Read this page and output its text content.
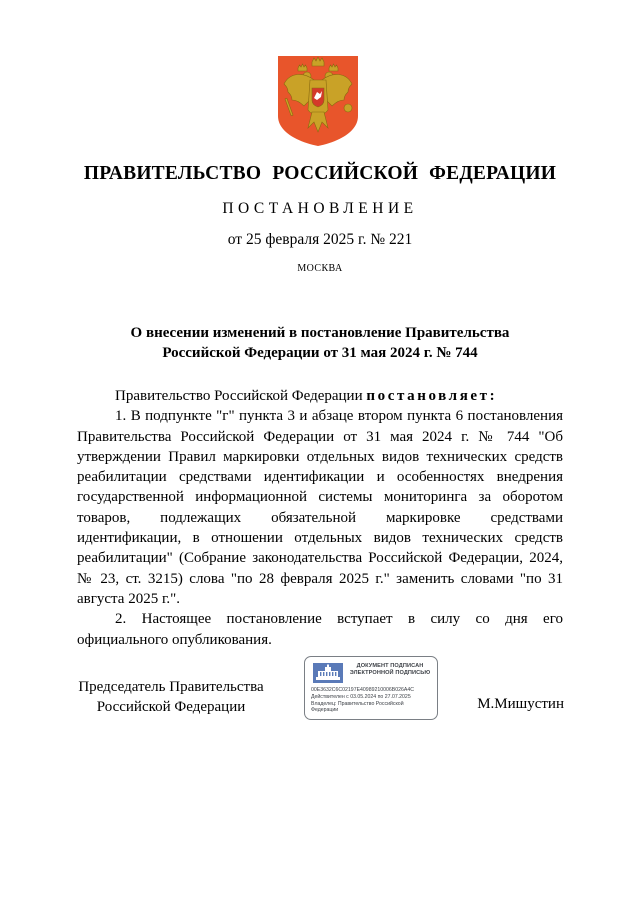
ПРАВИТЕЛЬСТВО РОССИЙСКОЙ ФЕДЕРАЦИИ
ПОСТАНОВЛЕНИЕ
от 25 февраля 2025 г. № 221
МОСКВА
О внесении изменений в постановление Правительства
Российской Федерации от 31 мая 2024 г. № 744

Правительство Российской Федерации постановляет:

1. В подпункте "г" пункта 3 и абзаце втором пункта 6 постановления Правительства Российской Федерации от 31 мая 2024 г. № 744 "Об утверждении Правил маркировки отдельных видов технических средств реабилитации средствами идентификации и особенностях внедрения государственной информационной системы мониторинга за оборотом товаров, подлежащих обязательной маркировке средствами идентификации, в отношении отдельных видов технических средств реабилитации" (Собрание законодательства Российской Федерации, 2024, № 23, ст. 3215) слова "по 28 февраля 2025 г." заменить словами "по 31 августа 2025 г.".

2. Настоящее постановление вступает в силу со дня его официального опубликования.

Председатель Правительства
Российской Федерации
ДОКУМЕНТ ПОДПИСАН
ЭЛЕКТРОННОЙ ПОДПИСЬЮ
00E3632C6C02197E40989210006B026A4C
Действителен с 03.05.2024 по 27.07.2025
Владелец: Правительство Российской
Федерации	М.Мишустин
